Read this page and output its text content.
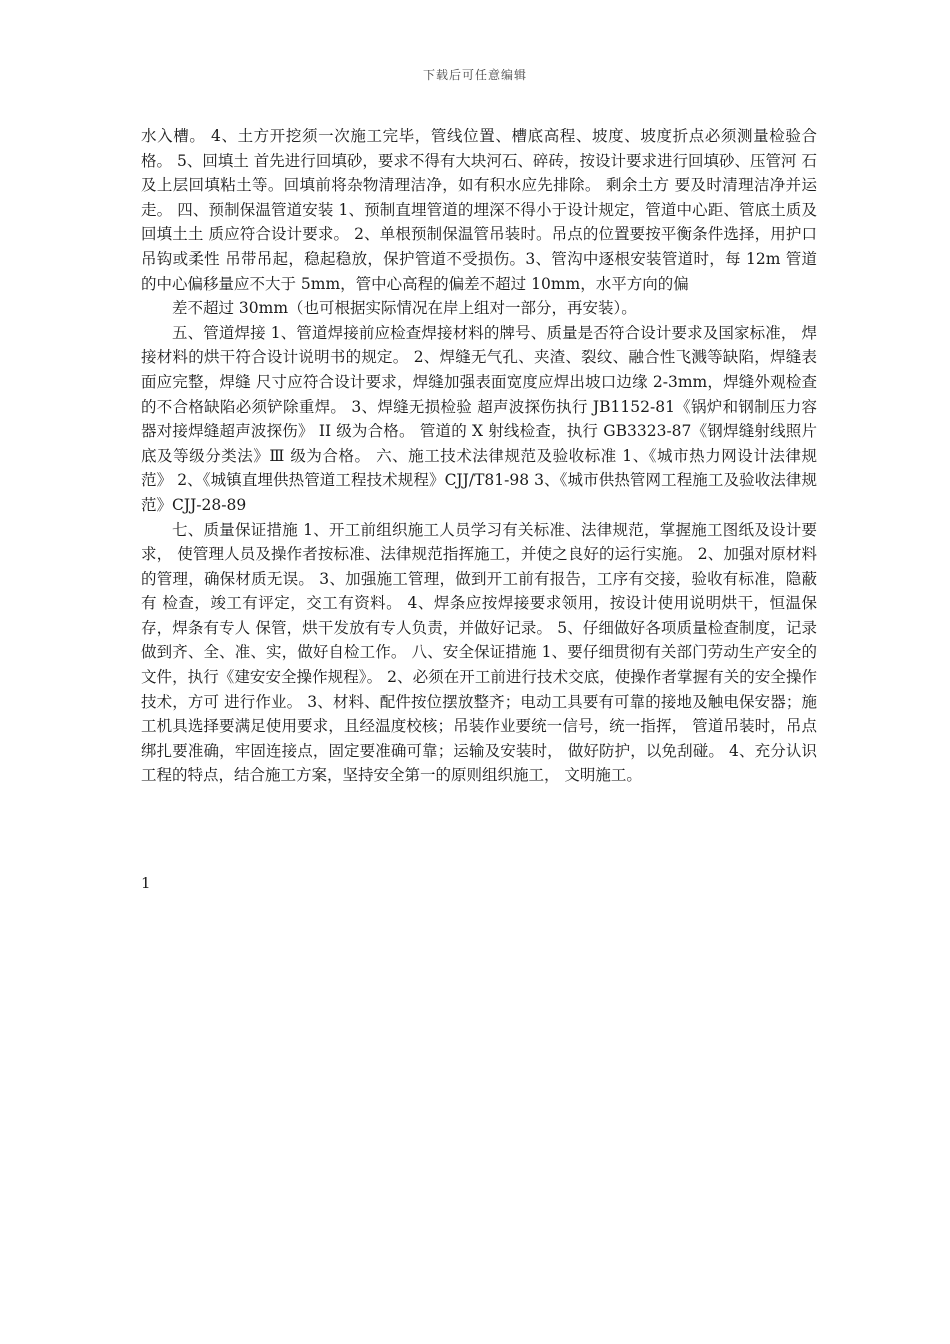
下载后可任意编辑

水入槽。 4、土方开挖须一次施工完毕，管线位置、槽底高程、坡度、坡度折点必须测量检验合格。 5、回填土 首先进行回填砂，要求不得有大块河石、碎砖，按设计要求进行回填砂、压管河 石及上层回填粘土等。回填前将杂物清理洁净，如有积水应先排除。 剩余土方 要及时清理洁净并运走。 四、预制保温管道安装 1、预制直埋管道的埋深不得小于设计规定，管道中心距、管底土质及回填土土 质应符合设计要求。 2、单根预制保温管吊装时。吊点的位置要按平衡条件选择，用护口吊钩或柔性 吊带吊起，稳起稳放，保护管道不受损伤。3、管沟中逐根安装管道时，每 12m 管道的中心偏移量应不大于 5mm，管中心高程的偏差不超过 10mm，水平方向的偏

差不超过 30mm（也可根据实际情况在岸上组对一部分，再安装）。

五、管道焊接 1、管道焊接前应检查焊接材料的牌号、质量是否符合设计要求及国家标准， 焊接材料的烘干符合设计说明书的规定。 2、焊缝无气孔、夹渣、裂纹、融合性飞溅等缺陷，焊缝表面应完整，焊缝 尺寸应符合设计要求，焊缝加强表面宽度应焊出坡口边缘 2-3mm，焊缝外观检查 的不合格缺陷必须铲除重焊。 3、焊缝无损检验 超声波探伤执行 JB1152-81《锅炉和钢制压力容器对接焊缝超声波探伤》 II 级为合格。 管道的 X 射线检查，执行 GB3323-87《钢焊缝射线照片底及等级分类法》Ⅲ 级为合格。 六、施工技术法律规范及验收标准 1、《城市热力网设计法律规范》 2、《城镇直埋供热管道工程技术规程》CJJ/T81-98 3、《城市供热管网工程施工及验收法律规范》CJJ-28-89

七、质量保证措施 1、开工前组织施工人员学习有关标准、法律规范，掌握施工图纸及设计要求， 使管理人员及操作者按标准、法律规范指挥施工，并使之良好的运行实施。 2、加强对原材料的管理，确保材质无误。 3、加强施工管理，做到开工前有报告，工序有交接，验收有标准，隐蔽有 检查，竣工有评定，交工有资料。 4、焊条应按焊接要求领用，按设计使用说明烘干，恒温保存，焊条有专人 保管，烘干发放有专人负责，并做好记录。 5、仔细做好各项质量检查制度，记录做到齐、全、准、实，做好自检工作。 八、安全保证措施 1、要仔细贯彻有关部门劳动生产安全的文件，执行《建安安全操作规程》。 2、必须在开工前进行技术交底，使操作者掌握有关的安全操作技术，方可 进行作业。 3、材料、配件按位摆放整齐；电动工具要有可靠的接地及触电保安器；施 工机具选择要满足使用要求，且经温度校核；吊装作业要统一信号，统一指挥， 管道吊装时，吊点绑扎要准确，牢固连接点，固定要准确可靠；运输及安装时， 做好防护，以免刮碰。 4、充分认识工程的特点，结合施工方案，坚持安全第一的原则组织施工， 文明施工。

1
